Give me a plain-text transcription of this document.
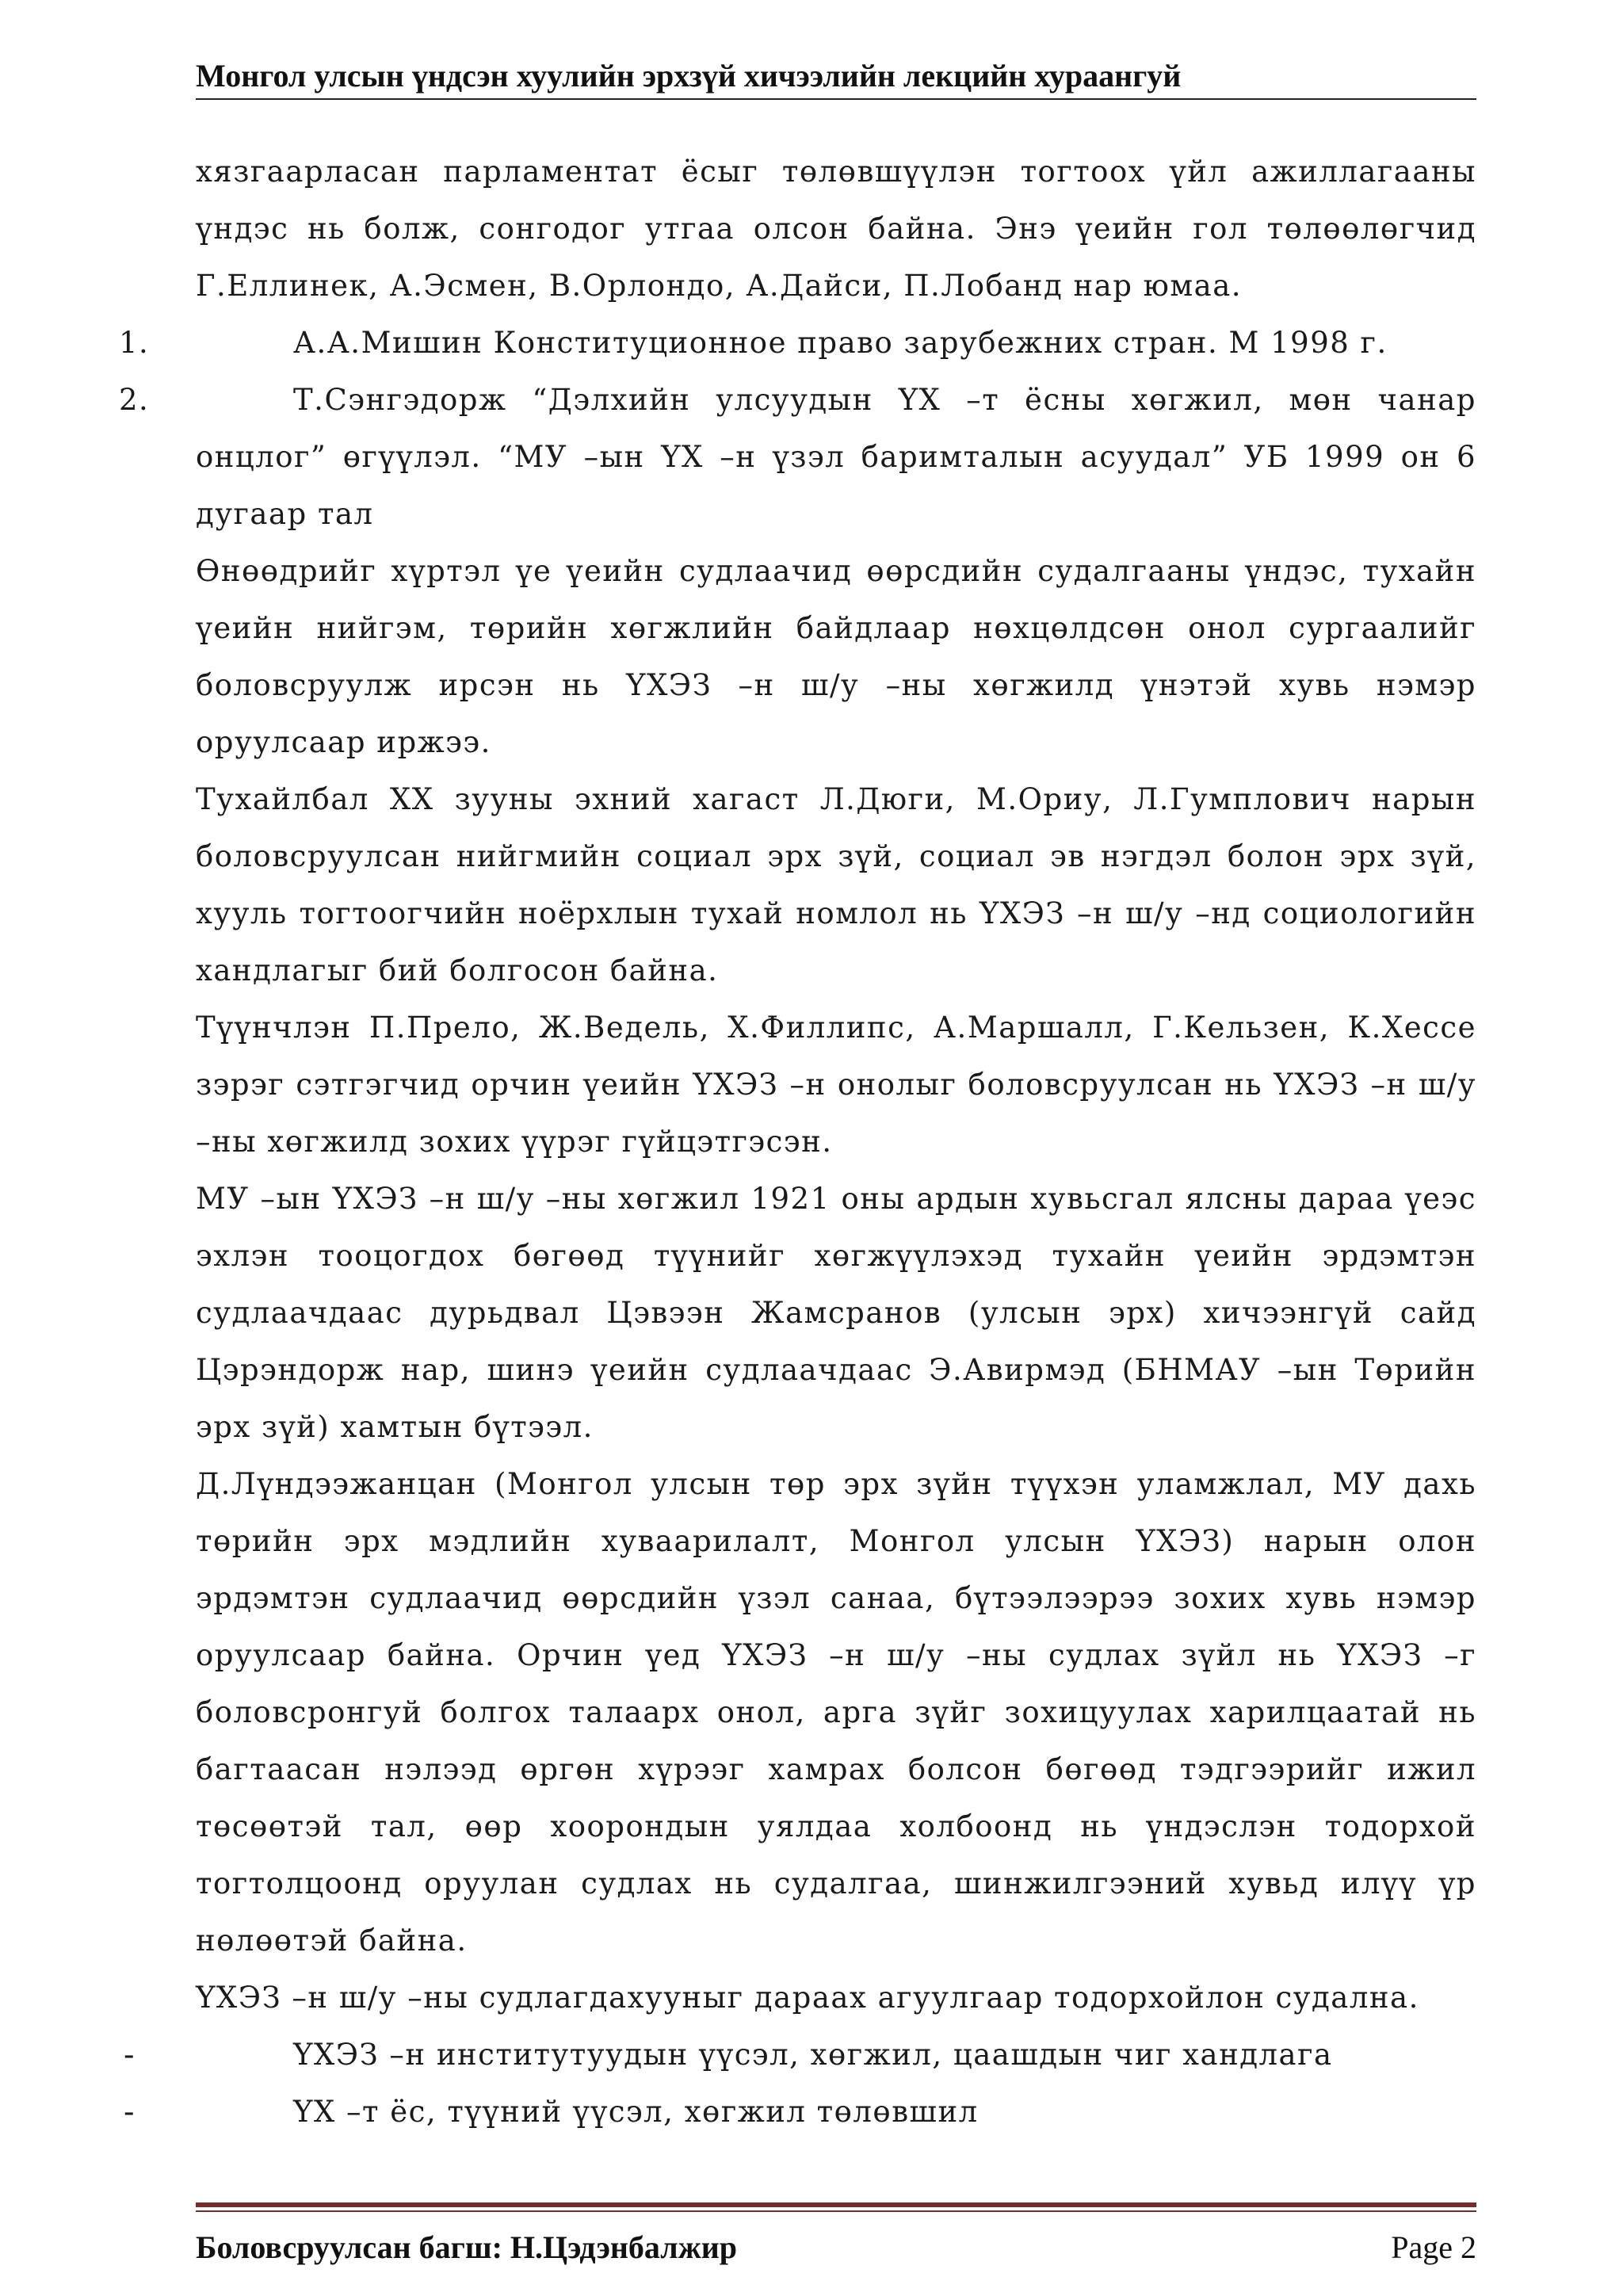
Монгол улсын үндсэн хуулийн эрхзүй хичээлийн лекцийн хураангуй
хязгаарласан парламентат ёсыг төлөвшүүлэн тогтоох үйл ажиллагааны үндэс нь болж, сонгодог утгаа олсон байна. Энэ үеийн гол төлөөлөгчид Г.Еллинек, А.Эсмен, В.Орлондо, А.Дайси, П.Лобанд нар юмаа.
1.	А.А.Мишин Конституционное право зарубежних стран. М 1998 г.
2.	Т.Сэнгэдорж “Дэлхийн улсуудын ҮХ –т ёсны хөгжил, мөн чанар онцлог” өгүүлэл. “МУ –ын ҮХ –н үзэл баримталын асуудал” УБ 1999 он 6 дугаар тал
Өнөөдрийг хүртэл үе үеийн судлаачид өөрсдийн судалгааны үндэс, тухайн үеийн нийгэм, төрийн хөгжлийн байдлаар нөхцөлдсөн онол сургаалийг боловсруулж ирсэн нь ҮХЭЗ –н ш/у –ны хөгжилд үнэтэй хувь нэмэр оруулсаар иржээ.
Тухайлбал ХХ зууны эхний хагаст Л.Дюги, М.Ориу, Л.Гумплович нарын боловсруулсан нийгмийн социал эрх зүй, социал эв нэгдэл болон эрх зүй, хууль тогтоогчийн ноёрхлын тухай номлол нь ҮХЭЗ –н ш/у –нд социологийн хандлагыг бий болгосон байна.
Түүнчлэн П.Прело, Ж.Ведель, Х.Филлипс, А.Маршалл, Г.Кельзен, К.Хессе зэрэг сэтгэгчид орчин үеийн ҮХЭЗ –н онолыг боловсруулсан нь ҮХЭЗ –н ш/у –ны хөгжилд зохих үүрэг гүйцэтгэсэн.
МУ –ын ҮХЭЗ –н ш/у –ны хөгжил 1921 оны ардын хувьсгал ялсны дараа үеэс эхлэн тооцогдох бөгөөд түүнийг хөгжүүлэхэд тухайн үеийн эрдэмтэн судлаачдаас дурьдвал Цэвээн Жамсранов (улсын эрх) хичээнгүй сайд Цэрэндорж нар, шинэ үеийн судлаачдаас Э.Авирмэд (БНМАУ –ын Төрийн эрх зүй) хамтын бүтээл.
Д.Лүндээжанцан (Монгол улсын төр эрх зүйн түүхэн уламжлал, МУ дахь төрийн эрх мэдлийн хуваарилалт, Монгол улсын ҮХЭЗ) нарын олон эрдэмтэн судлаачид өөрсдийн үзэл санаа, бүтээлээрээ зохих хувь нэмэр оруулсаар байна. Орчин үед ҮХЭЗ –н ш/у –ны судлах зүйл нь ҮХЭЗ –г боловсронгуй болгох талаарх онол, арга зүйг зохицуулах харилцаатай нь багтаасан нэлээд өргөн хүрээг хамрах болсон бөгөөд тэдгээрийг ижил төсөөтэй тал, өөр хоорондын уялдаа холбоонд нь үндэслэн тодорхой тогтолцоонд оруулан судлах нь судалгаа, шинжилгээний хувьд илүү үр нөлөөтэй байна.
ҮХЭЗ –н ш/у –ны судлагдахууныг дараах агуулгаар тодорхойлон судална.
-	ҮХЭЗ –н институтуудын үүсэл, хөгжил, цаашдын чиг хандлага
-	ҮХ –т ёс, түүний үүсэл, хөгжил төлөвшил
Боловсруулсан багш: Н.Цэдэнбалжир	Page 2
